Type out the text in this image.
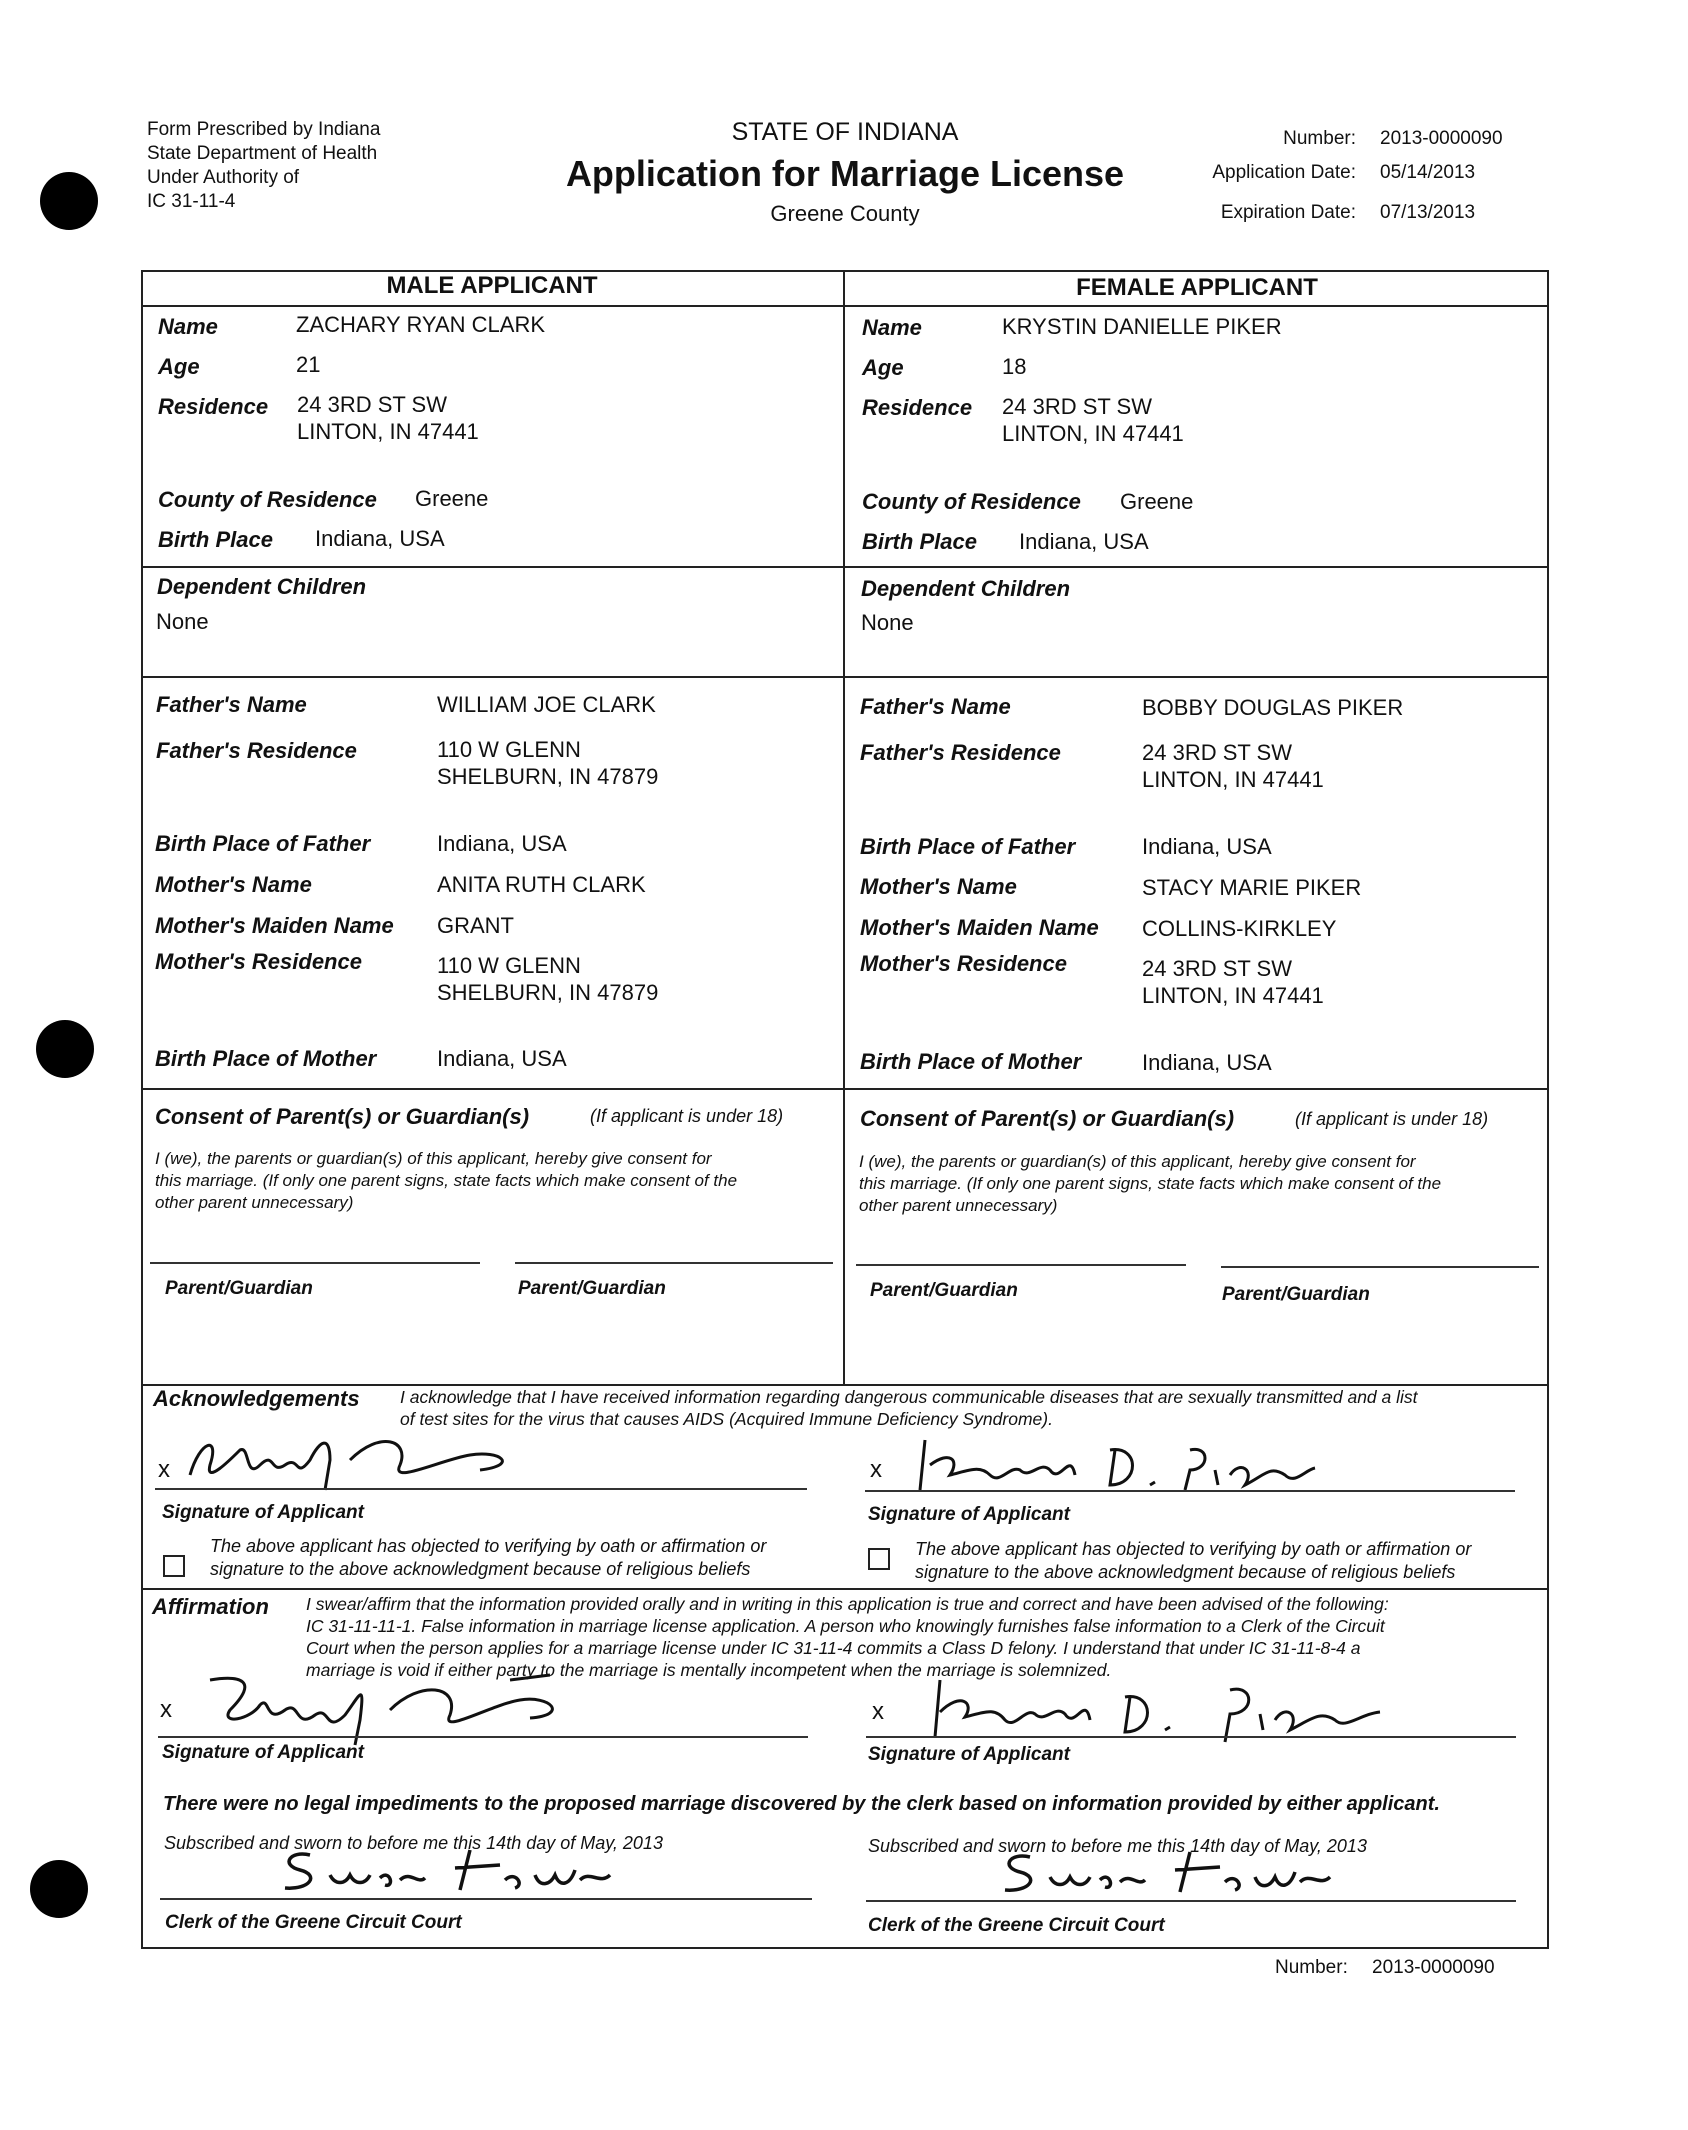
Form Prescribed by Indiana
State Department of Health
Under Authority of
IC 31-11-4
STATE OF INDIANA
Application for Marriage License
Greene County
Number: 2013-0000090
Application Date: 05/14/2013
Expiration Date: 07/13/2013
MALE APPLICANT	FEMALE APPLICANT
Name	ZACHARY RYAN CLARK
Age	21
Residence 24 3RD ST SW
LINTON, IN 47441
County of Residence Greene
Birth Place Indiana, USA
Dependent Children
None
Father's Name	WILLIAM JOE CLARK
Father's Residence	110 W GLENN
SHELBURN, IN 47879
Birth Place of Father	Indiana, USA
Mother's Name	ANITA RUTH CLARK
Mother's Maiden Name GRANT
Mother's Residence	110 W GLENN
SHELBURN, IN 47879
Birth Place of Mother	Indiana, USA
Consent of Parent(s) or Guardian(s)	(If applicant is under 18)
I (we), the parents or guardian(s) of this applicant, hereby give consent for
this marriage. (If only one parent signs, state facts which make consent of the
other parent unnecessary)
Parent/Guardian	Parent/Guardian
Name	KRYSTIN DANIELLE PIKER
Age	18
Residence 24 3RD ST SW
LINTON, IN 47441
County of Residence Greene
Birth Place Indiana, USA
Dependent Children
None
Father's Name	BOBBY DOUGLAS PIKER
Father's Residence	24 3RD ST SW
LINTON, IN 47441
Birth Place of Father	Indiana, USA
Mother's Name	STACY MARIE PIKER
Mother's Maiden Name COLLINS-KIRKLEY
Mother's Residence	24 3RD ST SW
LINTON, IN 47441
Birth Place of Mother	Indiana, USA
Consent of Parent(s) or Guardian(s)	(If applicant is under 18)
I (we), the parents or guardian(s) of this applicant, hereby give consent for
this marriage. (If only one parent signs, state facts which make consent of the
other parent unnecessary)
Parent/Guardian	Parent/Guardian
Acknowledgements I acknowledge that I have received information regarding dangerous communicable diseases that are sexually transmitted and a list
of test sites for the virus that causes AIDS (Acquired Immune Deficiency Syndrome).
x
Signature of Applicant
The above applicant has objected to verifying by oath or affirmation or
signature to the above acknowledgment because of religious beliefs
x
Signature of Applicant
The above applicant has objected to verifying by oath or affirmation or
signature to the above acknowledgment because of religious beliefs
Affirmation I swear/affirm that the information provided orally and in writing in this application is true and correct and have been advised of the following:
IC 31-11-11-1. False information in marriage license application. A person who knowingly furnishes false information to a Clerk of the Circuit
Court when the person applies for a marriage license under IC 31-11-4 commits a Class D felony. I understand that under IC 31-11-8-4 a
marriage is void if either party to the marriage is mentally incompetent when the marriage is solemnized.
x
Signature of Applicant
x
Signature of Applicant
There were no legal impediments to the proposed marriage discovered by the clerk based on information provided by either applicant.
Subscribed and sworn to before me this 14th day of May, 2013
Clerk of the Greene Circuit Court
Subscribed and sworn to before me this 14th day of May, 2013
Clerk of the Greene Circuit Court
Number: 2013-0000090
